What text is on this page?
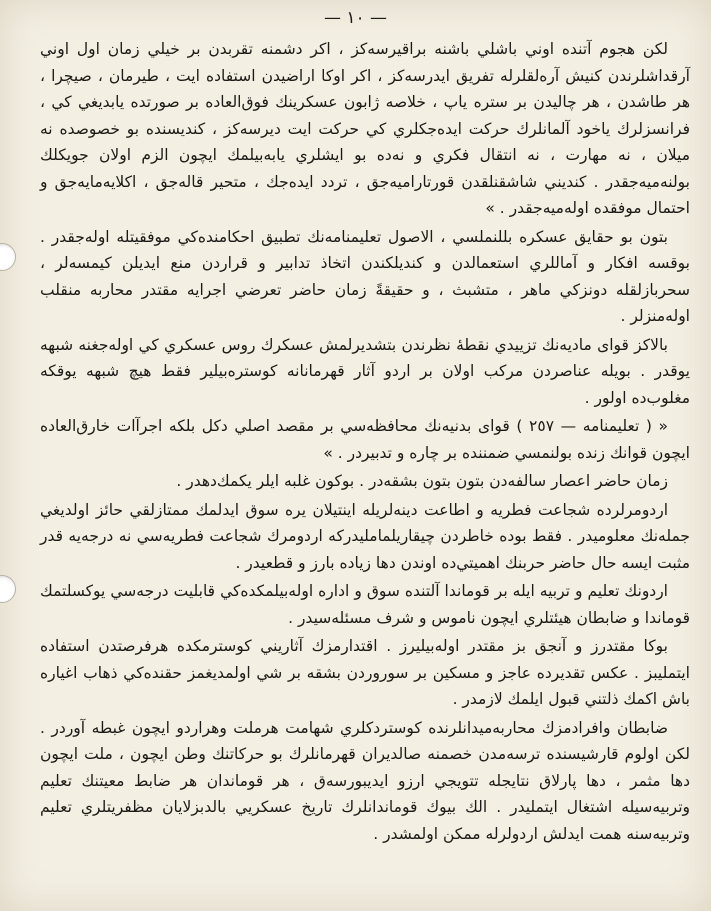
— ١٠ —

لكن هجوم آتنده اوني باشلي باشنه براقيرسه‌كز ، اكر دشمنه تقربدن بر خيلي زمان اول اوني آرقداشلرندن كنيش آره‌لقلرله تفريق ايدرسه‌كز ، اكر اوكا اراضيدن استفاده ايت ، طيرمان ، صيچرا ، هر طاشدن ، هر چاليدن بر ستره ياپ ، خلاصه ژابون عسكرينك فوق‌العاده بر صورتده يابديغي كي ، فرانسزلرك ياخود آلمانلرك حركت ايده‌جكلري كي حركت ايت ديرسه‌كز ، كنديسنده بو خصوصده نه ميلان ، نه مهارت ، نه انتقال فكري و نه‌ده بو ايشلري يابه‌بيلمك ايچون الزم اولان جويكلك بولنه‌ميه‌جقدر . كنديني شاشقنلقدن قورتاراميه‌جق ، تردد ايده‌جك ، متحير قاله‌جق ، اكلايه‌مايه‌جق و احتمال موفقده اوله‌ميه‌جقدر . »

بتون بو حقايق عسكره بللنملسي ، الاصول تعليمنامه‌نك تطبيق احكامنده‌كي موفقيتله اوله‌جقدر . بوقسه افكار و آماللري استعمالدن و كنديلكندن اتخاذ تدابير و قراردن منع ايديلن كيمسه‌لر ، سحربازلقله دونزكي ماهر ، متشبث ، و حقيقةً زمان حاضر تعرضي اجرايه مقتدر محاربه منقلب اوله‌منزلر .

بالاكز قواى ماديه‌نك تزييدي نقطهٔ نظرندن بتشديرلمش عسكرك روس عسكري كي اوله‌جغنه شبهه يوقدر . بويله عناصردن مركب اولان بر اردو آثار قهرمانانه كوستره‌بيلير فقط هيچ شبهه يوقكه مغلوب‌ده اولور .

« ( تعليمنامه — ٢٥٧ ) قواى بدنيه‌نك محافظه‌سي بر مقصد اصلي دكل بلكه اجرآات خارق‌العاده ايچون قوانك زنده بولنمسي ضمننده بر چاره و تدبيردر . »

زمان حاضر اعصار سالفه‌دن بتون بتون بشقه‌در . بوكون غلبه ايلر يكمك‌دهدر .

اردومرلرده شجاعت فطريه و اطاعت دينه‌لريله اينتيلان يره سوق ايدلمك ممتازلقي حائز اولديغي جمله‌نك معلوميدر . فقط بوده خاطردن چيقاريلمامليدركه اردومرك شجاعت فطريه‌سي نه درجه‌يه قدر مثبت ايسه حال حاضر حربنك اهميتي‌ده اوندن دها زياده بارز و قطعيدر .

اردونك تعليم و تربيه ايله بر قوماندا آلتنده سوق و اداره اوله‌بيلمكده‌كي قابليت درجه‌سي يوكسلتمك قوماندا و ضابطان هيئتلري ايچون ناموس و شرف مسئله‌سيدر .

بوكا مقتدرز و آنجق بز مقتدر اوله‌بيليرز . اقتدارمزك آثاريني كوسترمكده هرفرصتدن استفاده ايتمليبز . عكس تقديرده عاجز و مسكين بر سوروردن بشقه بر شي اولمديغمز حقنده‌كي ذهاب اغياره باش اكمك ذلتني قبول ايلمك لازمدر .

ضابطان وافرادمزك محاربه‌ميدانلرنده كوستردكلري شهامت هرملت وهراردو ايچون غبطه آوردر . لكن اولوم قارشيسنده ترسه‌مدن خصمنه صالديران قهرمانلرك بو حركاتنك وطن ايچون ، ملت ايچون دها مثمر ، دها پارلاق نتايجله تتويجي ارزو ايديبورسه‌ق ، هر قوماندان هر ضابط معيتنك تعليم وتربيه‌سيله اشتغال ايتمليدر . الك بيوك قوماندانلرك تاريخ عسكريي بالدبزلايان مظفريتلري تعليم وتربيه‌سنه همت ايدلش اردولرله ممكن اولمشدر .
